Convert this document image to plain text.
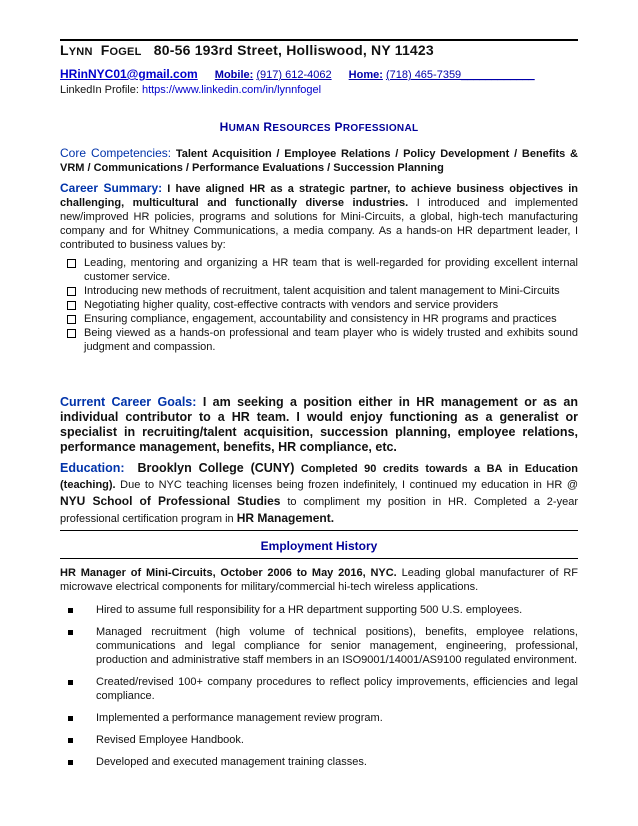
LYNN FOGEL 80-56 193rd Street, Holliswood, NY 11423
HRinNYC01@gmail.com Mobile: (917) 612-4062 Home: (718) 465-7359____________
LinkedIn Profile: https://www.linkedin.com/in/lynnfogel
HUMAN RESOURCES PROFESSIONAL
Core Competencies: Talent Acquisition / Employee Relations / Policy Development / Benefits & VRM / Communications / Performance Evaluations / Succession Planning
Career Summary: I have aligned HR as a strategic partner, to achieve business objectives in challenging, multicultural and functionally diverse industries. I introduced and implemented new/improved HR policies, programs and solutions for Mini-Circuits, a global, high-tech manufacturing company and for Whitney Communications, a media company. As a hands-on HR department leader, I contributed to business values by:
Leading, mentoring and organizing a HR team that is well-regarded for providing excellent internal customer service.
Introducing new methods of recruitment, talent acquisition and talent management to Mini-Circuits
Negotiating higher quality, cost-effective contracts with vendors and service providers
Ensuring compliance, engagement, accountability and consistency in HR programs and practices
Being viewed as a hands-on professional and team player who is widely trusted and exhibits sound judgment and compassion.
Current Career Goals: I am seeking a position either in HR management or as an individual contributor to a HR team. I would enjoy functioning as a generalist or specialist in recruiting/talent acquisition, succession planning, employee relations, performance management, benefits, HR compliance, etc.
Education: Brooklyn College (CUNY) Completed 90 credits towards a BA in Education (teaching). Due to NYC teaching licenses being frozen indefinitely, I continued my education in HR @ NYU School of Professional Studies to compliment my position in HR. Completed a 2-year professional certification program in HR Management.
Employment History
HR Manager of Mini-Circuits, October 2006 to May 2016, NYC. Leading global manufacturer of RF microwave electrical components for military/commercial hi-tech wireless applications.
Hired to assume full responsibility for a HR department supporting 500 U.S. employees.
Managed recruitment (high volume of technical positions), benefits, employee relations, communications and legal compliance for senior management, engineering, professional, production and administrative staff members in an ISO9001/14001/AS9100 regulated environment.
Created/revised 100+ company procedures to reflect policy improvements, efficiencies and legal compliance.
Implemented a performance management review program.
Revised Employee Handbook.
Developed and executed management training classes.
